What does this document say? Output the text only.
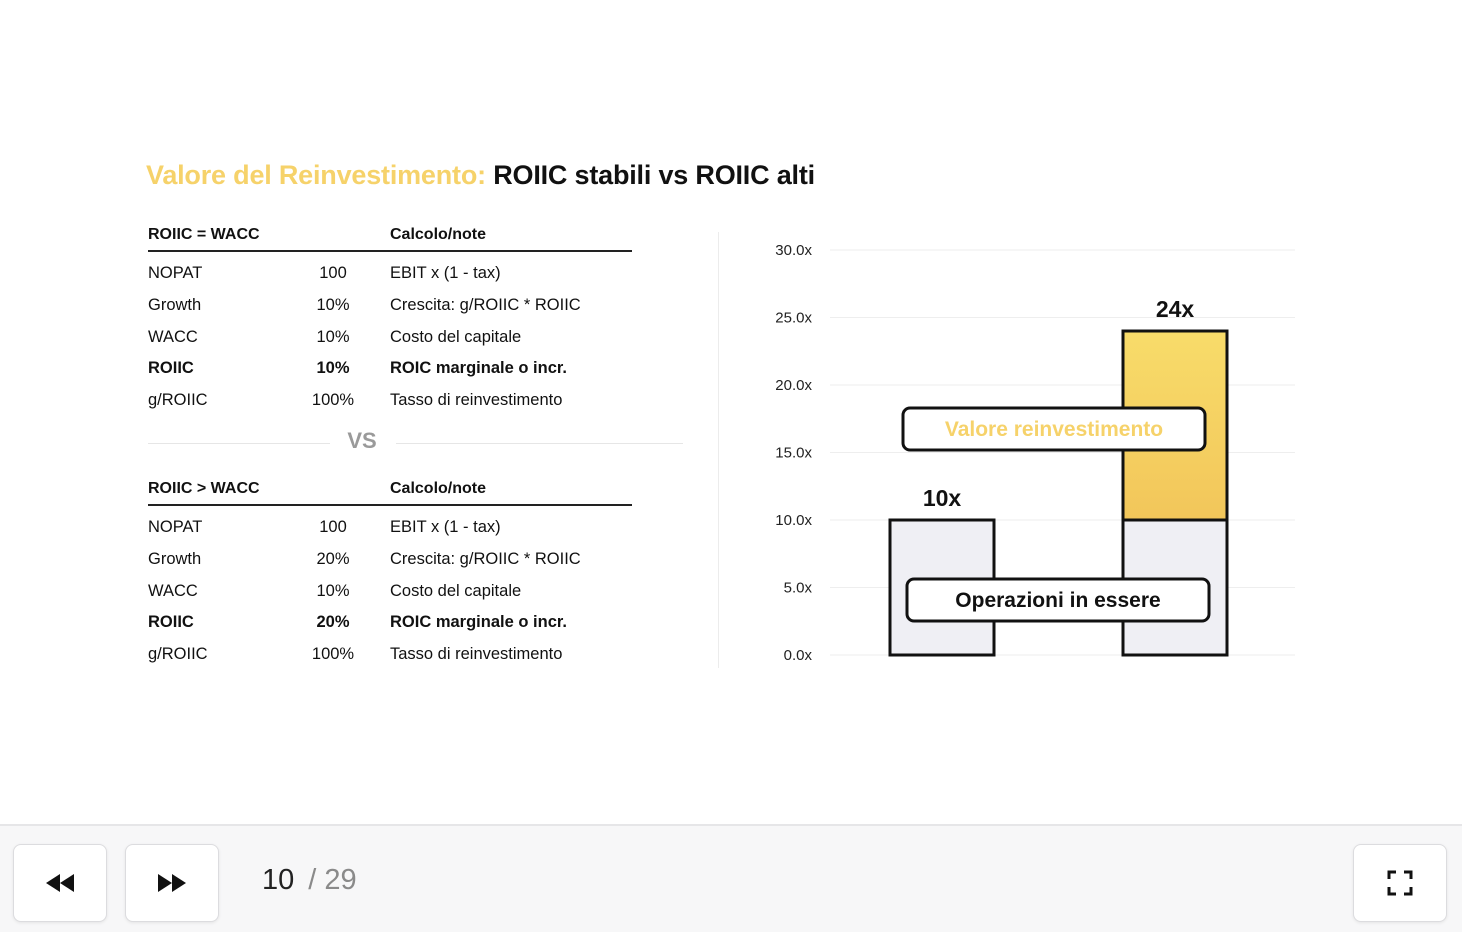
Valore del Reinvestimento: ROIIC stabili vs ROIIC alti
ROIIC = WACC		Calcolo/note
NOPAT	100	EBIT x (1 - tax)
Growth	10%	Crescita: g/ROIIC * ROIIC
WACC	10%	Costo del capitale
ROIIC	10%	ROIC marginale o incr.
g/ROIIC	100%	Tasso di reinvestimento
VS
ROIIC > WACC		Calcolo/note
NOPAT	100	EBIT x (1 - tax)
Growth	20%	Crescita: g/ROIIC * ROIIC
WACC	10%	Costo del capitale
ROIIC	20%	ROIC marginale o incr.
g/ROIIC	100%	Tasso di reinvestimento	0.0x
5.0x
10.0x
15.0x
20.0x
25.0x
30.0x
10x
24x
Valore reinvestimento
Operazioni in essere
10 / 29
